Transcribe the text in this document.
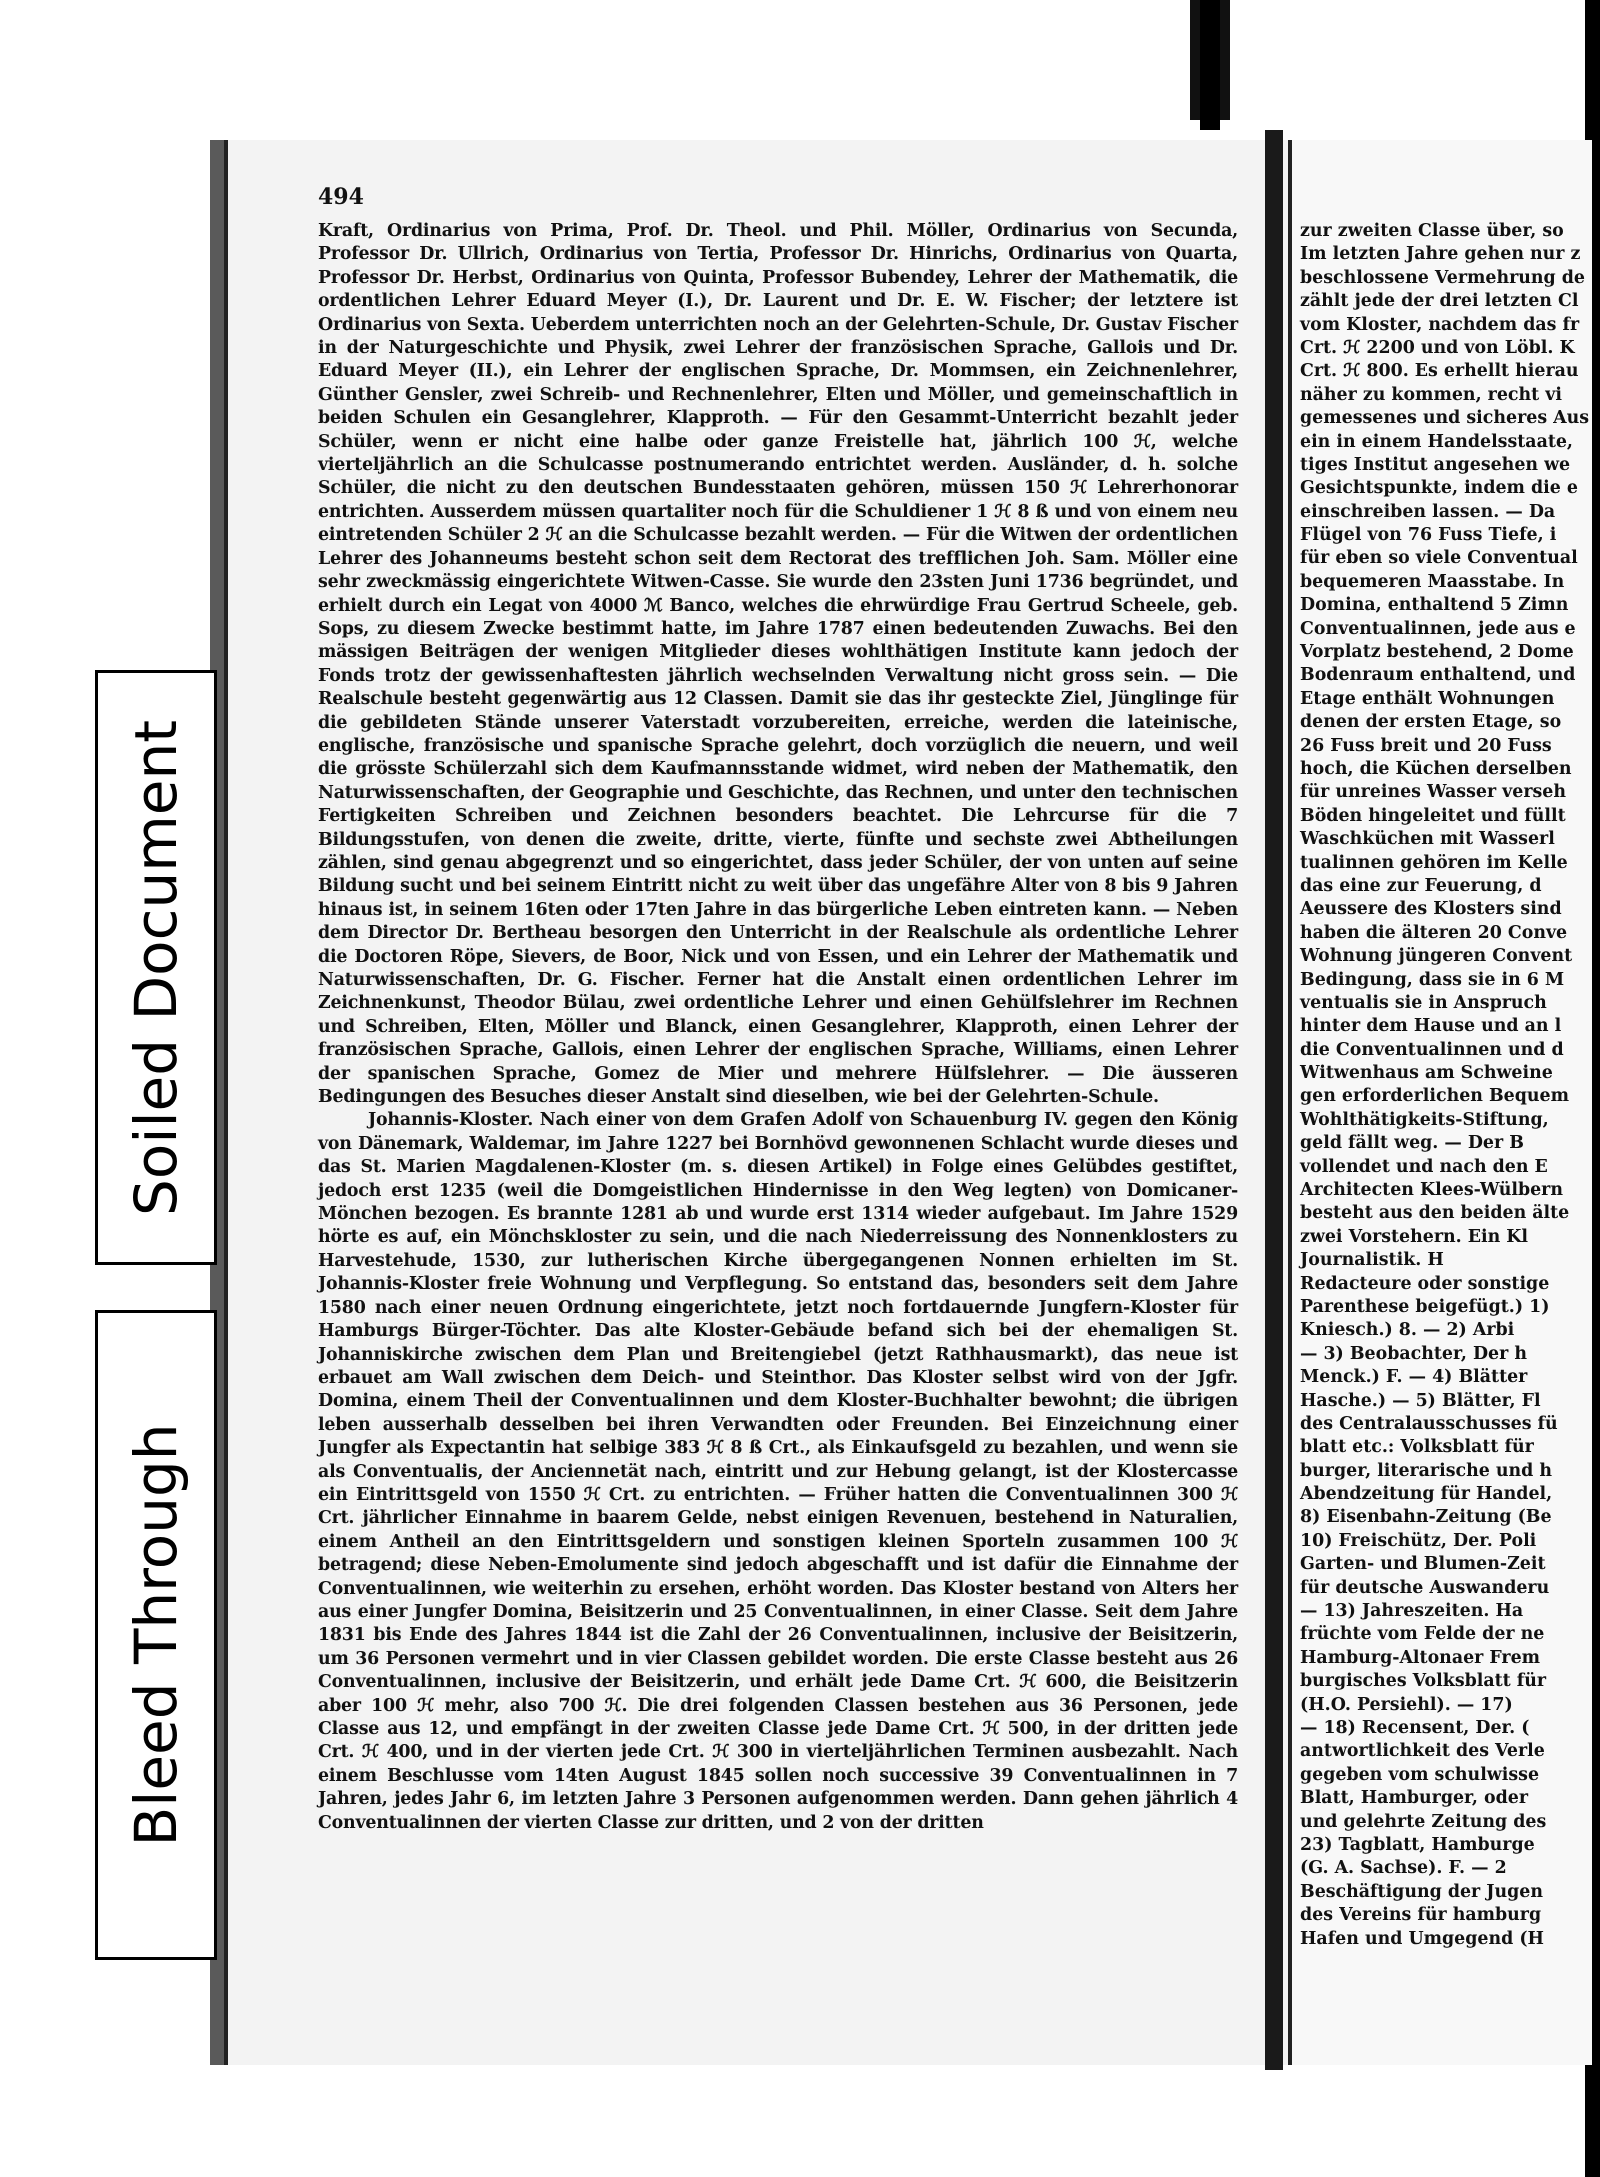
494

Kraft, Ordinarius von Prima, Prof. Dr. Theol. und Phil. Möller, Ordinarius von Secunda, Professor Dr. Ullrich, Ordinarius von Tertia, Professor Dr. Hinrichs, Ordinarius von Quarta, Professor Dr. Herbst, Ordinarius von Quinta, Professor Bubendey, Lehrer der Mathematik, die ordentlichen Lehrer Eduard Meyer (I.), Dr. Laurent und Dr. E. W. Fischer; der letztere ist Ordinarius von Sexta. Ueberdem unterrichten noch an der Gelehrten-Schule, Dr. Gustav Fischer in der Naturgeschichte und Physik, zwei Lehrer der französischen Sprache, Gallois und Dr. Eduard Meyer (II.), ein Lehrer der englischen Sprache, Dr. Mommsen, ein Zeichnenlehrer, Günther Gensler, zwei Schreib- und Rechnenlehrer, Elten und Möller, und gemeinschaftlich in beiden Schulen ein Gesanglehrer, Klapproth. — Für den Gesammt-Unterricht bezahlt jeder Schüler, wenn er nicht eine halbe oder ganze Freistelle hat, jährlich 100 ℋ, welche vierteljährlich an die Schulcasse postnumerando entrichtet werden. Ausländer, d. h. solche Schüler, die nicht zu den deutschen Bundesstaaten gehören, müssen 150 ℋ Lehrerhonorar entrichten. Ausserdem müssen quartaliter noch für die Schuldiener 1 ℋ 8 ß und von einem neu eintretenden Schüler 2 ℋ an die Schulcasse bezahlt werden. — Für die Witwen der ordentlichen Lehrer des Johanneums besteht schon seit dem Rectorat des trefflichen Joh. Sam. Möller eine sehr zweckmässig eingerichtete Witwen-Casse. Sie wurde den 23sten Juni 1736 begründet, und erhielt durch ein Legat von 4000 ℳ Banco, welches die ehrwürdige Frau Gertrud Scheele, geb. Sops, zu diesem Zwecke bestimmt hatte, im Jahre 1787 einen bedeutenden Zuwachs. Bei den mässigen Beiträgen der wenigen Mitglieder dieses wohlthätigen Institute kann jedoch der Fonds trotz der gewissenhaftesten jährlich wechselnden Verwaltung nicht gross sein. — Die Realschule besteht gegenwärtig aus 12 Classen. Damit sie das ihr gesteckte Ziel, Jünglinge für die gebildeten Stände unserer Vaterstadt vorzubereiten, erreiche, werden die lateinische, englische, französische und spanische Sprache gelehrt, doch vorzüglich die neuern, und weil die grösste Schülerzahl sich dem Kaufmannsstande widmet, wird neben der Mathematik, den Naturwissenschaften, der Geographie und Geschichte, das Rechnen, und unter den technischen Fertigkeiten Schreiben und Zeichnen besonders beachtet. Die Lehrcurse für die 7 Bildungsstufen, von denen die zweite, dritte, vierte, fünfte und sechste zwei Abtheilungen zählen, sind genau abgegrenzt und so eingerichtet, dass jeder Schüler, der von unten auf seine Bildung sucht und bei seinem Eintritt nicht zu weit über das ungefähre Alter von 8 bis 9 Jahren hinaus ist, in seinem 16ten oder 17ten Jahre in das bürgerliche Leben eintreten kann. — Neben dem Director Dr. Bertheau besorgen den Unterricht in der Realschule als ordentliche Lehrer die Doctoren Röpe, Sievers, de Boor, Nick und von Essen, und ein Lehrer der Mathematik und Naturwissenschaften, Dr. G. Fischer. Ferner hat die Anstalt einen ordentlichen Lehrer im Zeichnenkunst, Theodor Bülau, zwei ordentliche Lehrer und einen Gehülfslehrer im Rechnen und Schreiben, Elten, Möller und Blanck, einen Gesanglehrer, Klapproth, einen Lehrer der französischen Sprache, Gallois, einen Lehrer der englischen Sprache, Williams, einen Lehrer der spanischen Sprache, Gomez de Mier und mehrere Hülfslehrer. — Die äusseren Bedingungen des Besuches dieser Anstalt sind dieselben, wie bei der Gelehrten-Schule.

Johannis-Kloster. Nach einer von dem Grafen Adolf von Schauenburg IV. gegen den König von Dänemark, Waldemar, im Jahre 1227 bei Bornhövd gewonnenen Schlacht wurde dieses und das St. Marien Magdalenen-Kloster (m. s. diesen Artikel) in Folge eines Gelübdes gestiftet, jedoch erst 1235 (weil die Domgeistlichen Hindernisse in den Weg legten) von Domicaner-Mönchen bezogen. Es brannte 1281 ab und wurde erst 1314 wieder aufgebaut. Im Jahre 1529 hörte es auf, ein Mönchskloster zu sein, und die nach Niederreissung des Nonnenklosters zu Harvestehude, 1530, zur lutherischen Kirche übergegangenen Nonnen erhielten im St. Johannis-Kloster freie Wohnung und Verpflegung. So entstand das, besonders seit dem Jahre 1580 nach einer neuen Ordnung eingerichtete, jetzt noch fortdauernde Jungfern-Kloster für Hamburgs Bürger-Töchter. Das alte Kloster-Gebäude befand sich bei der ehemaligen St. Johanniskirche zwischen dem Plan und Breitengiebel (jetzt Rathhausmarkt), das neue ist erbauet am Wall zwischen dem Deich- und Steinthor. Das Kloster selbst wird von der Jgfr. Domina, einem Theil der Conventualinnen und dem Kloster-Buchhalter bewohnt; die übrigen leben ausserhalb desselben bei ihren Verwandten oder Freunden. Bei Einzeichnung einer Jungfer als Expectantin hat selbige 383 ℋ 8 ß Crt., als Einkaufsgeld zu bezahlen, und wenn sie als Conventualis, der Anciennetät nach, eintritt und zur Hebung gelangt, ist der Klostercasse ein Eintrittsgeld von 1550 ℋ Crt. zu entrichten. — Früher hatten die Conventualinnen 300 ℋ Crt. jährlicher Einnahme in baarem Gelde, nebst einigen Revenuen, bestehend in Naturalien, einem Antheil an den Eintrittsgeldern und sonstigen kleinen Sporteln zusammen 100 ℋ betragend; diese Neben-Emolumente sind jedoch abgeschafft und ist dafür die Einnahme der Conventualinnen, wie weiterhin zu ersehen, erhöht worden. Das Kloster bestand von Alters her aus einer Jungfer Domina, Beisitzerin und 25 Conventualinnen, in einer Classe. Seit dem Jahre 1831 bis Ende des Jahres 1844 ist die Zahl der 26 Conventualinnen, inclusive der Beisitzerin, um 36 Personen vermehrt und in vier Classen gebildet worden. Die erste Classe besteht aus 26 Conventualinnen, inclusive der Beisitzerin, und erhält jede Dame Crt. ℋ 600, die Beisitzerin aber 100 ℋ mehr, also 700 ℋ. Die drei folgenden Classen bestehen aus 36 Personen, jede Classe aus 12, und empfängt in der zweiten Classe jede Dame Crt. ℋ 500, in der dritten jede Crt. ℋ 400, und in der vierten jede Crt. ℋ 300 in vierteljährlichen Terminen ausbezahlt. Nach einem Beschlusse vom 14ten August 1845 sollen noch successive 39 Conventualinnen in 7 Jahren, jedes Jahr 6, im letzten Jahre 3 Personen aufgenommen werden. Dann gehen jährlich 4 Conventualinnen der vierten Classe zur dritten, und 2 von der dritten

zur zweiten Classe über, so
Im letzten Jahre gehen nur z
beschlossene Vermehrung de
zählt jede der drei letzten Cl
vom Kloster, nachdem das fr
Crt. ℋ 2200 und von Löbl. K
Crt. ℋ 800. Es erhellt hierau
näher zu kommen, recht vi
gemessenes und sicheres Aus
ein in einem Handelsstaate,
tiges Institut angesehen we
Gesichtspunkte, indem die e
einschreiben lassen. — Da
Flügel von 76 Fuss Tiefe, i
für eben so viele Conventual
bequemeren Maasstabe. In
Domina, enthaltend 5 Zimn
Conventualinnen, jede aus e
Vorplatz bestehend, 2 Dome
Bodenraum enthaltend, und
Etage enthält Wohnungen
denen der ersten Etage, so
26 Fuss breit und 20 Fuss
hoch, die Küchen derselben
für unreines Wasser verseh
Böden hingeleitet und füllt
Waschküchen mit Wasserl
tualinnen gehören im Kelle
das eine zur Feuerung, d
Aeussere des Klosters sind
haben die älteren 20 Conve
Wohnung jüngeren Convent
Bedingung, dass sie in 6 M
ventualis sie in Anspruch
hinter dem Hause und an l
die Conventualinnen und d
Witwenhaus am Schweine
gen erforderlichen Bequem
Wohlthätigkeits-Stiftung,
geld fällt weg. — Der B
vollendet und nach den E
Architecten Klees-Wülbern
besteht aus den beiden älte
zwei Vorstehern. Ein Kl
Journalistik. H
Redacteure oder sonstige
Parenthese beigefügt.) 1)
Kniesch.) 8. — 2) Arbi
— 3) Beobachter, Der h
Menck.) F. — 4) Blätter
Hasche.) — 5) Blätter, Fl
des Centralausschusses fü
blatt etc.: Volksblatt für
burger, literarische und h
Abendzeitung für Handel,
8) Eisenbahn-Zeitung (Be
10) Freischütz, Der. Poli
Garten- und Blumen-Zeit
für deutsche Auswanderu
— 13) Jahreszeiten. Ha
früchte vom Felde der ne
Hamburg-Altonaer Frem
burgisches Volksblatt für
(H.O. Persiehl). — 17)
— 18) Recensent, Der. (
antwortlichkeit des Verle
gegeben vom schulwisse
Blatt, Hamburger, oder
und gelehrte Zeitung des
23) Tagblatt, Hamburge
(G. A. Sachse). F. — 2
Beschäftigung der Jugen
des Vereins für hamburg
Hafen und Umgegend (H
Soiled Document
Bleed Through
